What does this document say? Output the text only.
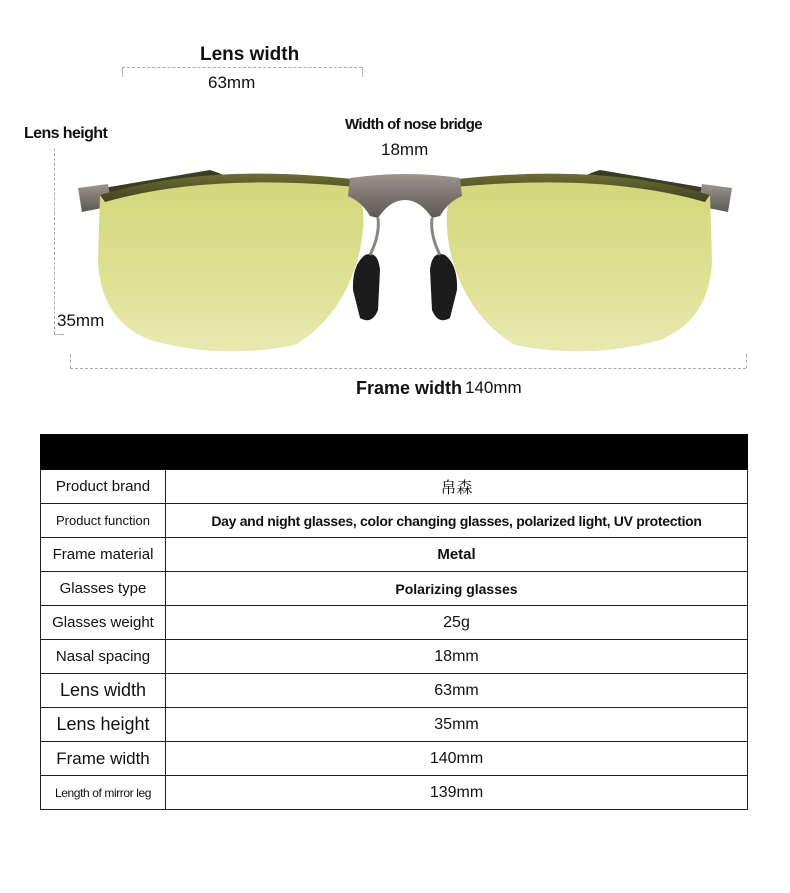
Lens width
63mm
Lens height
35mm
Width of nose bridge
18mm
Frame width 140mm
Product brand	帛森
Product function	Day and night glasses, color changing glasses, polarized light, UV protection
Frame material	Metal
Glasses type	Polarizing glasses
Glasses weight	25g
Nasal spacing	18mm
Lens width	63mm
Lens height	35mm
Frame width	140mm
Length of mirror leg	139mm
